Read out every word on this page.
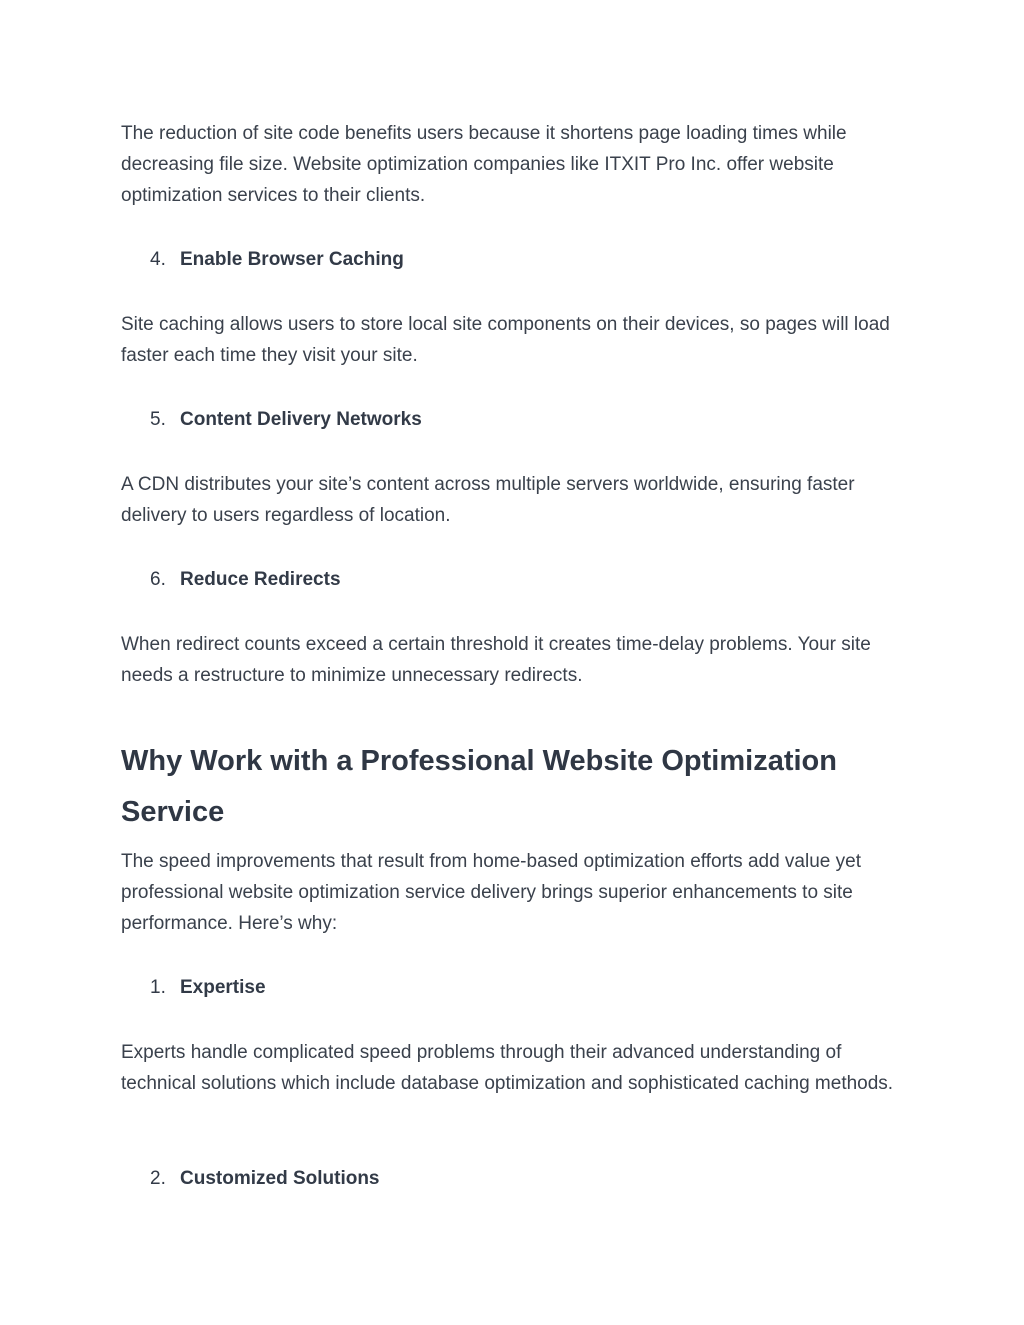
The reduction of site code benefits users because it shortens page loading times while decreasing file size. Website optimization companies like ITXIT Pro Inc. offer website optimization services to their clients.

4. Enable Browser Caching

Site caching allows users to store local site components on their devices, so pages will load faster each time they visit your site.

5. Content Delivery Networks

A CDN distributes your site’s content across multiple servers worldwide, ensuring faster delivery to users regardless of location.

6. Reduce Redirects

When redirect counts exceed a certain threshold it creates time-delay problems. Your site needs a restructure to minimize unnecessary redirects.

Why Work with a Professional Website Optimization Service

The speed improvements that result from home-based optimization efforts add value yet professional website optimization service delivery brings superior enhancements to site performance. Here’s why:

1. Expertise

Experts handle complicated speed problems through their advanced understanding of technical solutions which include database optimization and sophisticated caching methods.

2. Customized Solutions
